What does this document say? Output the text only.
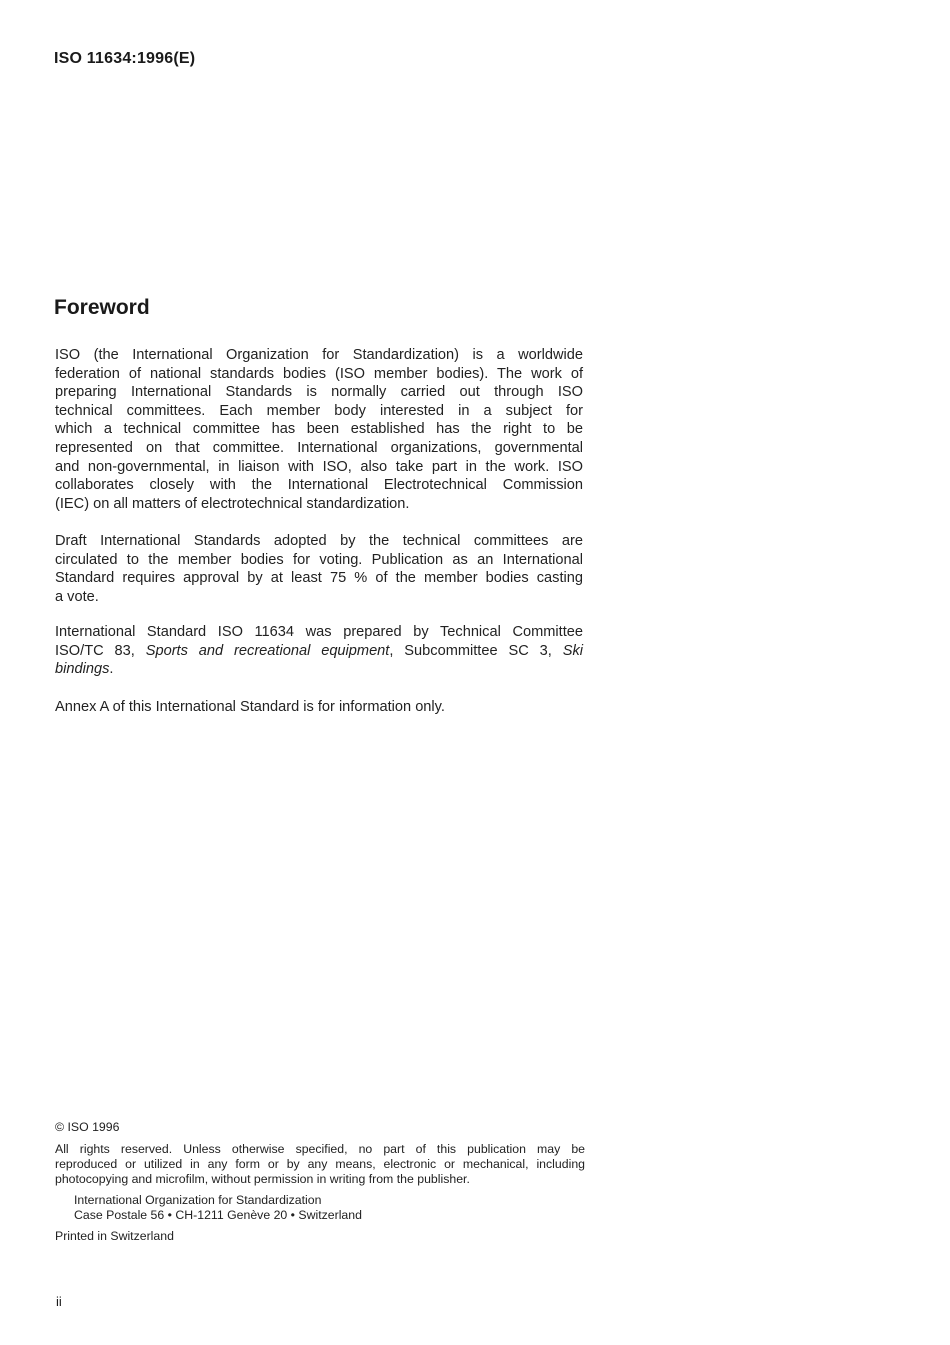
ISO 11634:1996(E)
Foreword
ISO (the International Organization for Standardization) is a worldwide
federation of national standards bodies (ISO member bodies). The work of
preparing International Standards is normally carried out through ISO
technical committees. Each member body interested in a subject for
which a technical committee has been established has the right to be
represented on that committee. International organizations, governmental
and non-governmental, in liaison with ISO, also take part in the work. ISO
collaborates closely with the International Electrotechnical Commission
(IEC) on all matters of electrotechnical standardization.
Draft International Standards adopted by the technical committees are
circulated to the member bodies for voting. Publication as an International
Standard requires approval by at least 75 % of the member bodies casting
a vote.
International Standard ISO 11634 was prepared by Technical Committee
ISO/TC 83, Sports and recreational equipment, Subcommittee SC 3, Ski
bindings.
Annex A of this International Standard is for information only.
© ISO 1996
All rights reserved. Unless otherwise specified, no part of this publication may be
reproduced or utilized in any form or by any means, electronic or mechanical, including
photocopying and microfilm, without permission in writing from the publisher.
International Organization for Standardization
Case Postale 56 • CH-1211 Genève 20 • Switzerland
Printed in Switzerland
ii
